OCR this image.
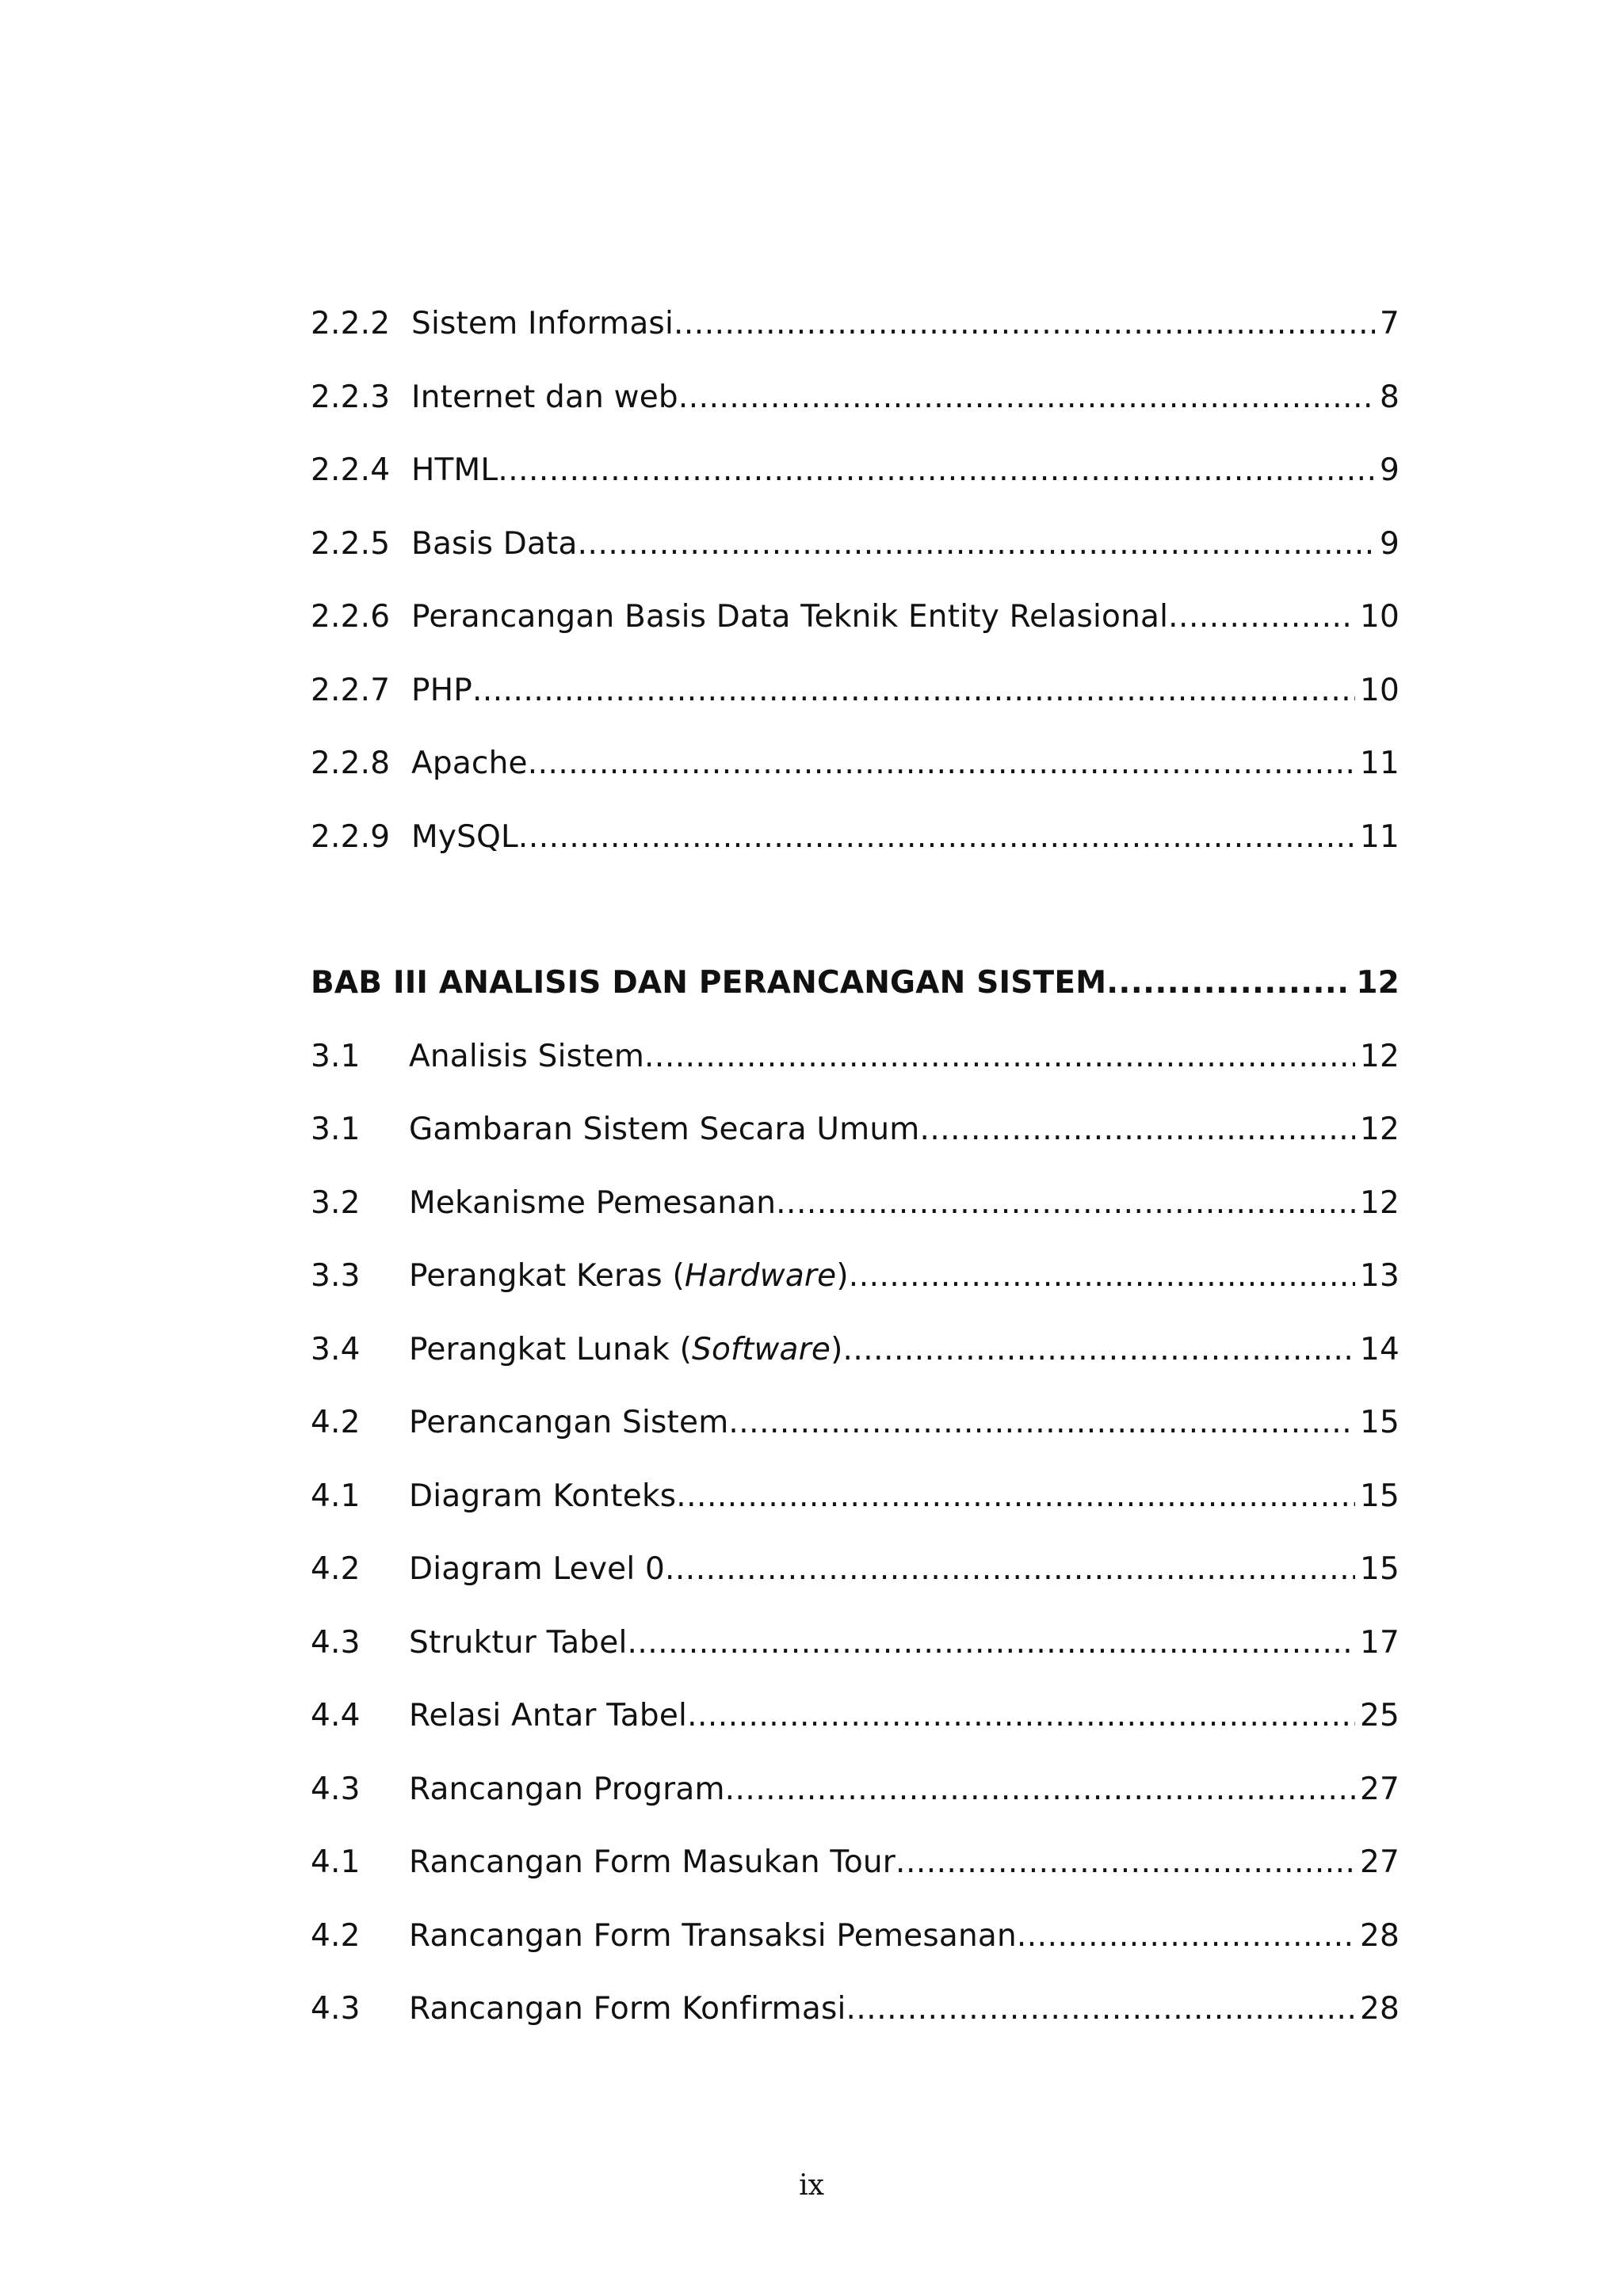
2.2.2 Sistem Informasi .....	7
2.2.3 Internet dan web .....	8
2.2.4 HTML .....	9
2.2.5 Basis Data .....	9
2.2.6 Perancangan Basis Data Teknik Entity Relasional .....	10
2.2.7 PHP .....	10
2.2.8 Apache .....	11
2.2.9 MySQL .....	11
BAB III ANALISIS DAN PERANCANGAN SISTEM .....	12
3.1	Analisis Sistem .....	12
3.1	Gambaran Sistem Secara Umum .....	12
3.2	Mekanisme Pemesanan .....	12
3.3	Perangkat Keras (Hardware) .....	13
3.4	Perangkat Lunak (Software) .....	14
4.2	Perancangan Sistem .....	15
4.1	Diagram Konteks .....	15
4.2	Diagram Level 0 .....	15
4.3	Struktur Tabel .....	17
4.4	Relasi Antar Tabel .....	25
4.3	Rancangan Program .....	27
4.1	Rancangan Form Masukan Tour .....	27
4.2	Rancangan Form Transaksi Pemesanan .....	28
4.3	Rancangan Form Konfirmasi .....	28
ix
